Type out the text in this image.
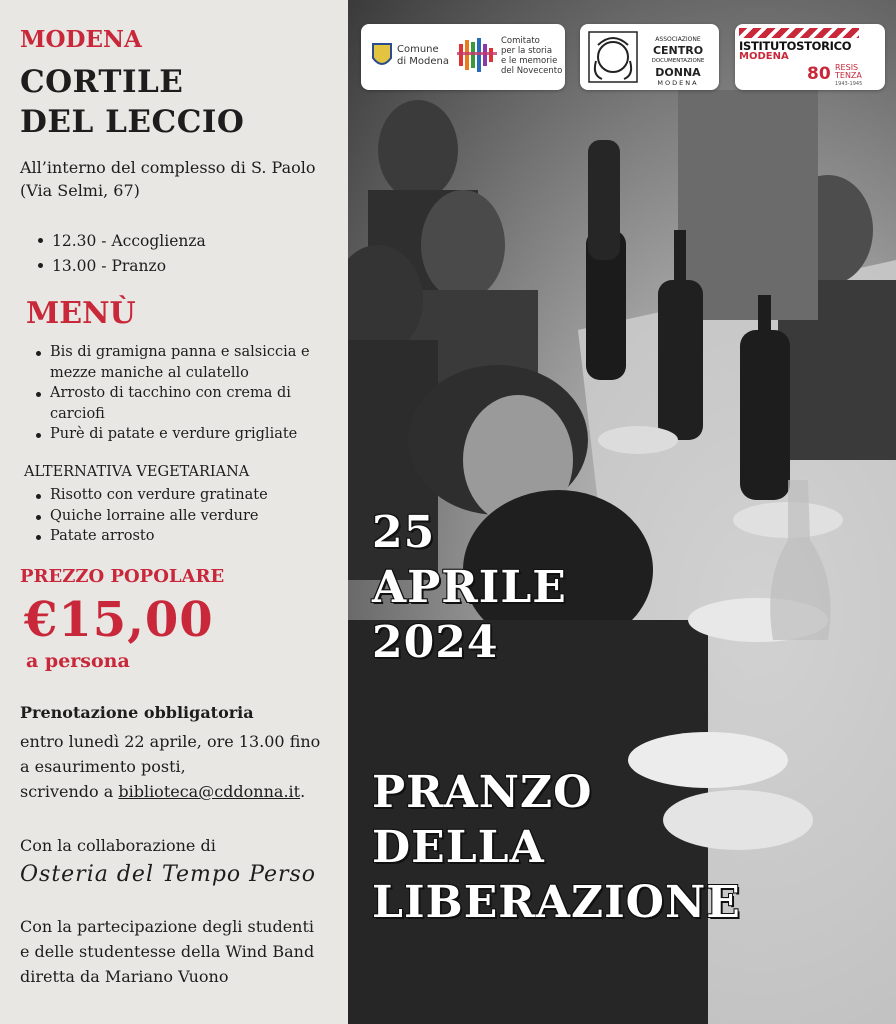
MODENA
CORTILE
DEL LECCIO
All’interno del complesso di S. Paolo
(Via Selmi, 67)
12.30 - Accoglienza
13.00 - Pranzo
MENÙ
Bis di gramigna panna e salsiccia e mezze maniche al culatello
Arrosto di tacchino con crema di carciofi
Purè di patate e verdure grigliate
ALTERNATIVA VEGETARIANA
Risotto con verdure gratinate
Quiche lorraine alle verdure
Patate arrosto
PREZZO POPOLARE
€15,00
a persona
Prenotazione obbligatoria
entro lunedì 22 aprile, ore 13.00 fino
a esaurimento posti,
scrivendo a biblioteca@cddonna.it.
Con la collaborazione di
Osteria del Tempo Perso
Con la partecipazione degli studenti
e delle studentesse della Wind Band
diretta da Mariano Vuono
Comune
di Modena
Comitato
per la storia
e le memorie
del Novecento
ASSOCIAZIONE
CENTRO
DOCUMENTAZIONE
DONNA
MODENA
ISTITUTOSTORICO
MODENA
80 RESIS
TENZA
1943-1945
25
APRILE
2024
PRANZO
DELLA
LIBERAZIONE
